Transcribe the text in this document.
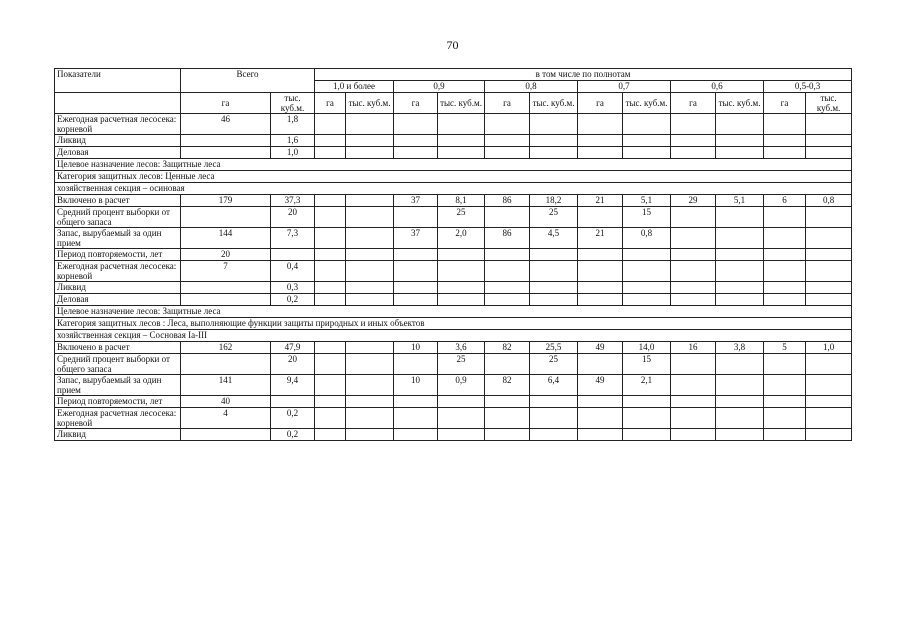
70
Показатели	Всего		в том числе по полнотам											
			1,0 и более		0,9		0,8		0,7		0,6		0,5-0,3	
	га	тыс. куб.м.	га	тыс. куб.м.	га	тыс. куб.м.	га	тыс. куб.м.	га	тыс. куб.м.	га	тыс. куб.м.	га	тыс. куб.м.
Ежегодная расчетная лесосека: корневой	46	1,8												
Ликвид		1,6												
Деловая		1,0												
Целевое назначение лесов: Защитные леса														
Категория защитных лесов: Ценные леса														
хозяйственная секция – осиновая														
Включено в расчет	179	37,3			37	8,1	86	18,2	21	5,1	29	5,1	6	0,8
Средний процент выборки от общего запаса		20				25		25		15				
Запас, вырубаемый за один прием	144	7,3			37	2,0	86	4,5	21	0,8				
Период повторяемости, лет	20													
Ежегодная расчетная лесосека: корневой	7	0,4												
Ликвид		0,3												
Деловая		0,2												
Целевое назначение лесов: Защитные леса														
Категория защитных лесов : Леса, выполняющие функции защиты природных и иных объектов														
хозяйственная секция – Сосновая Ia-III														
Включено в расчет	162	47,9			10	3,6	82	25,5	49	14,0	16	3,8	5	1,0
Средний процент выборки от общего запаса		20				25		25		15				
Запас, вырубаемый за один прием	141	9,4			10	0,9	82	6,4	49	2,1				
Период повторяемости, лет	40													
Ежегодная расчетная лесосека: корневой	4	0,2												
Ликвид		0,2												
